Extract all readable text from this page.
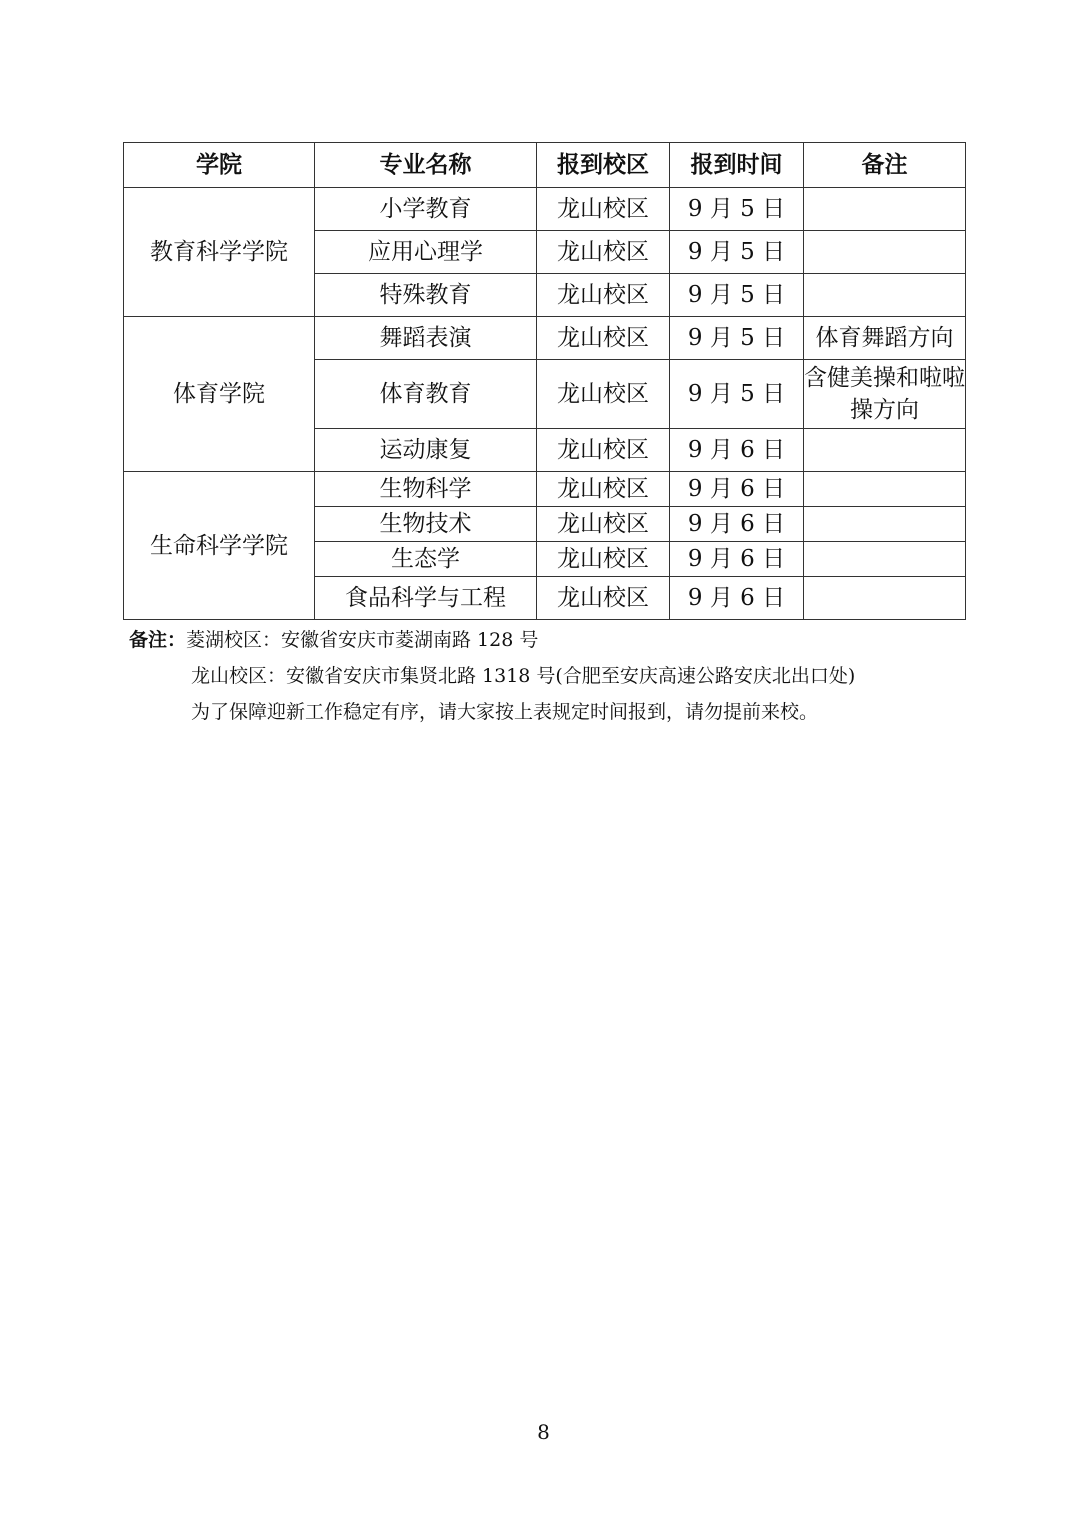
学院	专业名称	报到校区	报到时间	备注
教育科学学院	小学教育	龙山校区	9 月 5 日	
	应用心理学	龙山校区	9 月 5 日	
	特殊教育	龙山校区	9 月 5 日	
体育学院	舞蹈表演	龙山校区	9 月 5 日	体育舞蹈方向
	体育教育	龙山校区	9 月 5 日	含健美操和啦啦操方向
	运动康复	龙山校区	9 月 6 日	
生命科学学院	生物科学	龙山校区	9 月 6 日	
	生物技术	龙山校区	9 月 6 日	
	生态学	龙山校区	9 月 6 日	
	食品科学与工程	龙山校区	9 月 6 日	
备注：菱湖校区：安徽省安庆市菱湖南路 128 号
龙山校区：安徽省安庆市集贤北路 1318 号(合肥至安庆高速公路安庆北出口处)
为了保障迎新工作稳定有序，请大家按上表规定时间报到，请勿提前来校。
8
